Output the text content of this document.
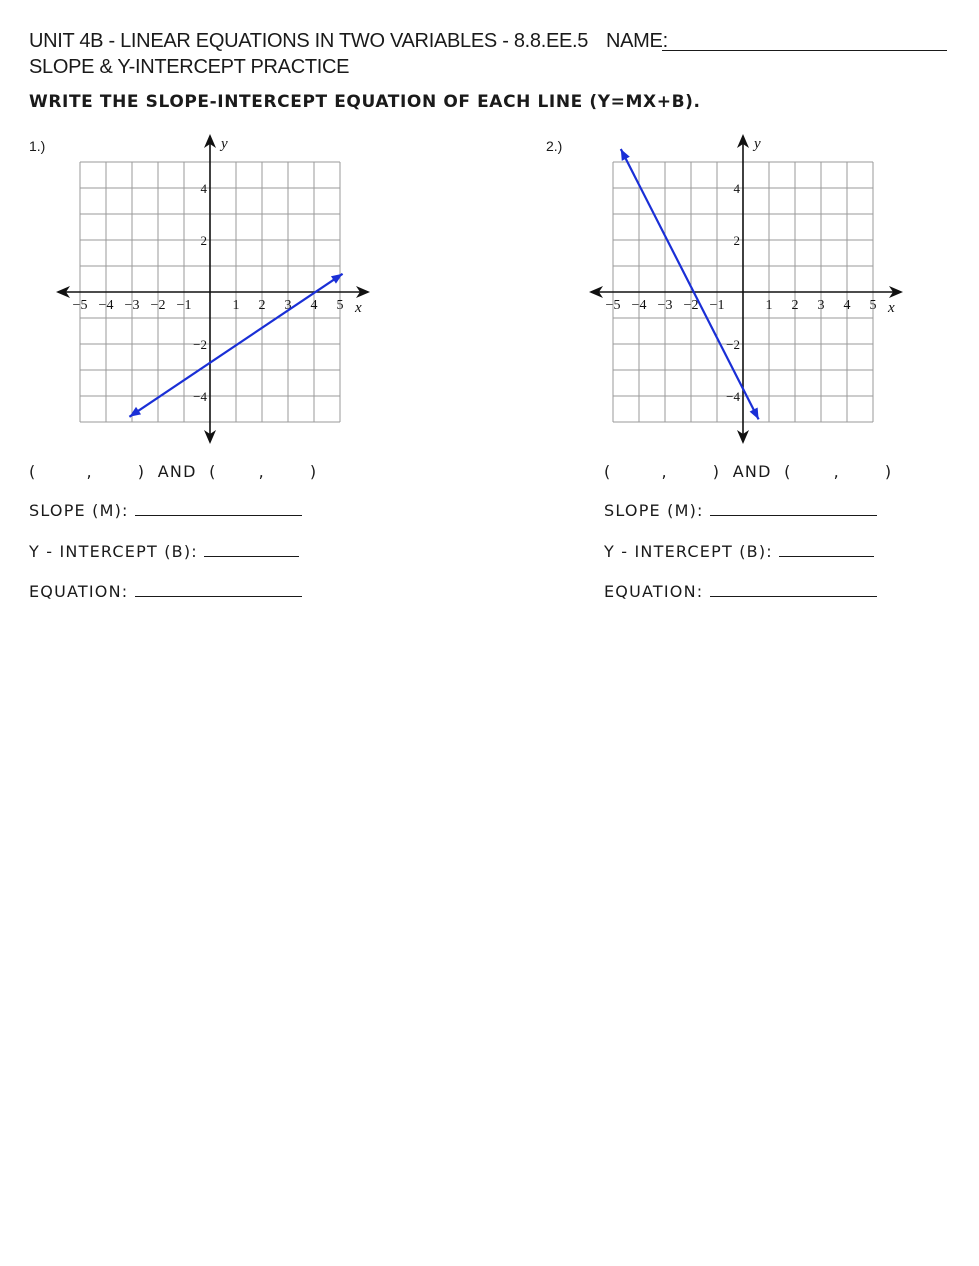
UNIT 4B - LINEAR EQUATIONS IN TWO VARIABLES - 8.8.EE.5
SLOPE & Y-INTERCEPT PRACTICE
NAME:
WRITE THE SLOPE-INTERCEPT EQUATION OF EACH LINE (Y=MX+B).
1.)
x
y
−5 −4 −3 −2 −1	1 2 3 4 5
4
2
−2
−4
(	,	)  AND  (	,	)
SLOPE (M):
Y - INTERCEPT (B):
EQUATION:
2.)
x
y
−5 −4 −3 −2 −1	1 2 3 4 5
4
2
−2
−4
(	,	)  AND  (	,	)
SLOPE (M):
Y - INTERCEPT (B):
EQUATION:
